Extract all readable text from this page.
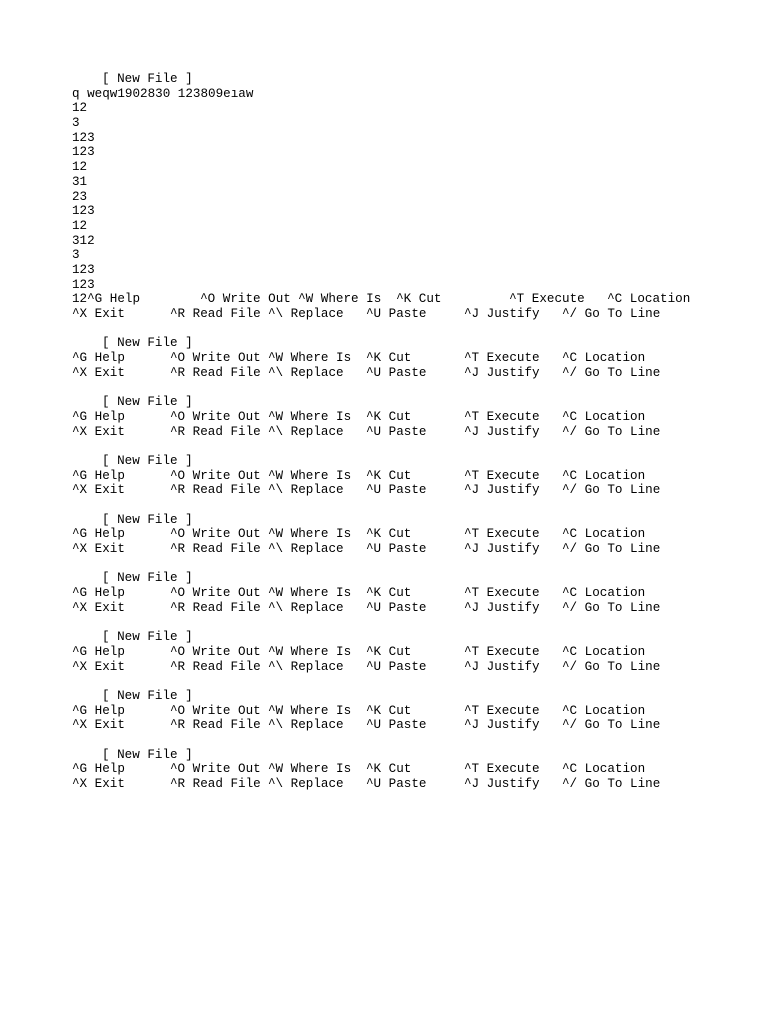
[ New File ]
q weqw1902830 123809eıaw
12
3
123
123
12
31
23
123
12
312
3
123
123
12 ^G Help	^O Write Out ^W Where Is	^K Cut	^T Execute	^C Location
^X Exit	^R Read File ^\ Replace	^U Paste	^J Justify	^/ Go To Line
[ New File ]
^G Help	^O Write Out ^W Where Is	^K Cut	^T Execute	^C Location
^X Exit	^R Read File ^\ Replace	^U Paste	^J Justify	^/ Go To Line
[ New File ]
^G Help	^O Write Out ^W Where Is	^K Cut	^T Execute	^C Location
^X Exit	^R Read File ^\ Replace	^U Paste	^J Justify	^/ Go To Line
[ New File ]
^G Help	^O Write Out ^W Where Is	^K Cut	^T Execute	^C Location
^X Exit	^R Read File ^\ Replace	^U Paste	^J Justify	^/ Go To Line
[ New File ]
^G Help	^O Write Out ^W Where Is	^K Cut	^T Execute	^C Location
^X Exit	^R Read File ^\ Replace	^U Paste	^J Justify	^/ Go To Line
[ New File ]
^G Help	^O Write Out ^W Where Is	^K Cut	^T Execute	^C Location
^X Exit	^R Read File ^\ Replace	^U Paste	^J Justify	^/ Go To Line
[ New File ]
^G Help	^O Write Out ^W Where Is	^K Cut	^T Execute	^C Location
^X Exit	^R Read File ^\ Replace	^U Paste	^J Justify	^/ Go To Line
[ New File ]
^G Help	^O Write Out ^W Where Is	^K Cut	^T Execute	^C Location
^X Exit	^R Read File ^\ Replace	^U Paste	^J Justify	^/ Go To Line
[ New File ]
^G Help	^O Write Out ^W Where Is	^K Cut	^T Execute	^C Location
^X Exit	^R Read File ^\ Replace	^U Paste	^J Justify	^/ Go To Line
